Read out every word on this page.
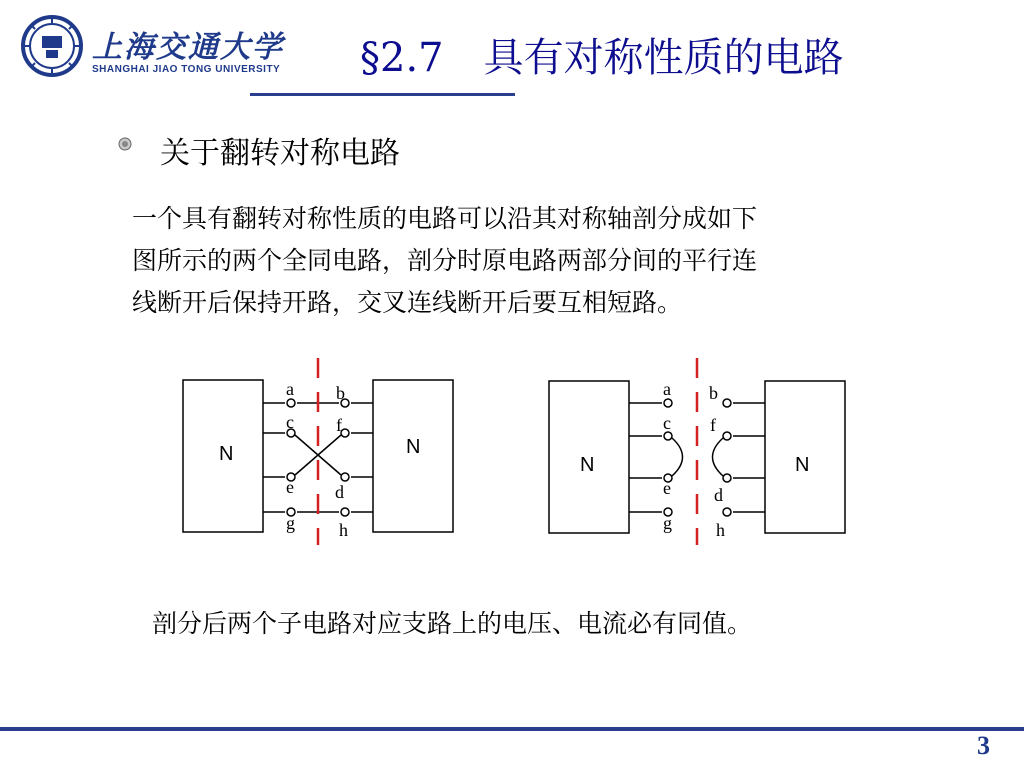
上海交通大学
SHANGHAI JIAO TONG UNIVERSITY §2.7　具有对称性质的电路
关于翻转对称电路
一个具有翻转对称性质的电路可以沿其对称轴剖分成如下
图所示的两个全同电路，剖分时原电路两部分间的平行连
线断开后保持开路，交叉连线断开后要互相短路。
N	N
a b
c f
e d
g h
N	N
a b
c f
e d
g h
剖分后两个子电路对应支路上的电压、电流必有同值。
3
